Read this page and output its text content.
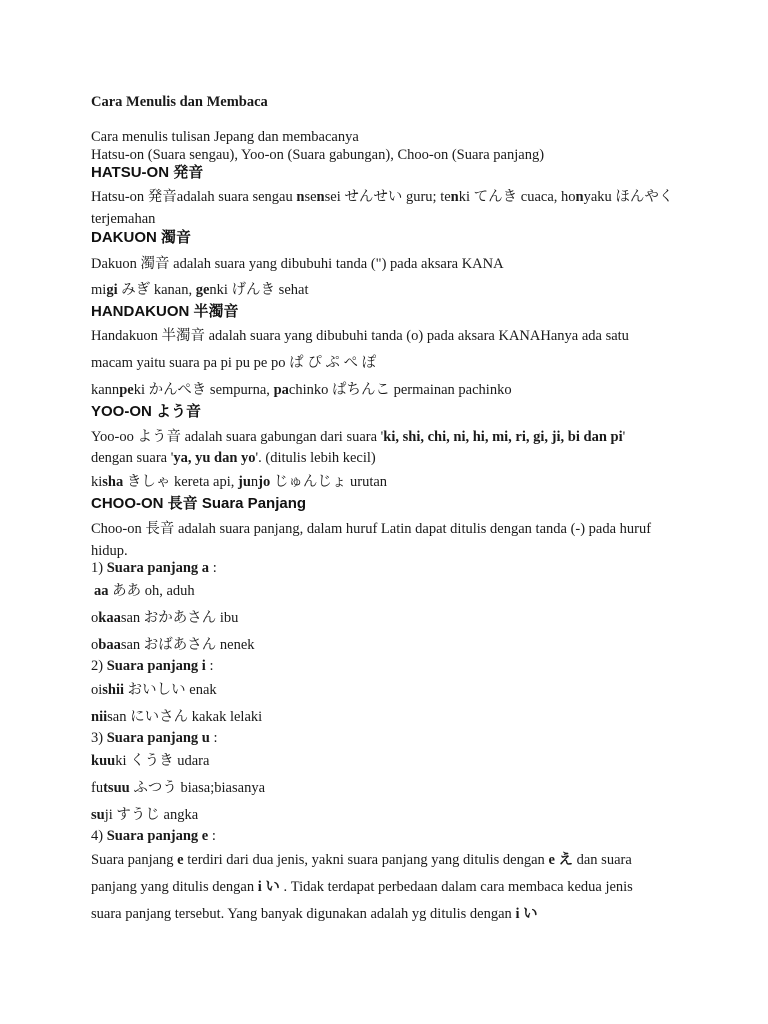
Cara Menulis dan Membaca
Cara menulis tulisan Jepang dan membacanya
Hatsu-on (Suara sengau), Yoo-on (Suara gabungan), Choo-on (Suara panjang)
HATSU-ON 発音
Hatsu-on 発音adalah suara sengau nsensei せんせい guru; tenki てんき cuaca, honyaku ほんやく
terjemahan
DAKUON 濁音
Dakuon 濁音 adalah suara yang dibubuhi tanda (") pada aksara KANA
migi みぎ kanan, genki げんき sehat
HANDAKUON 半濁音
Handakuon 半濁音 adalah suara yang dibubuhi tanda (o) pada aksara KANAHanya ada satu
macam yaitu suara pa pi pu pe po ぱ ぴ ぷ ぺ ぽ
kannpeki かんぺき sempurna, pachinko ぱちんこ permainan pachinko
YOO-ON よう音
Yoo-oo よう音 adalah suara gabungan dari suara 'ki, shi, chi, ni, hi, mi, ri, gi, ji, bi dan pi'
dengan suara 'ya, yu dan yo'. (ditulis lebih kecil)
kisha きしゃ kereta api, junjo じゅんじょ urutan
CHOO-ON 長音 Suara Panjang
Choo-on 長音 adalah suara panjang, dalam huruf Latin dapat ditulis dengan tanda (-) pada huruf
hidup.
1) Suara panjang a :
aa ああ oh, aduh
okaasan おかあさん ibu
obaasan おばあさん nenek
2) Suara panjang i :
oishii おいしい enak
niisan にいさん kakak lelaki
3) Suara panjang u :
kuuki くうき udara
futsuu ふつう biasa;biasanya
suji すうじ angka
4) Suara panjang e :
Suara panjang e terdiri dari dua jenis, yakni suara panjang yang ditulis dengan e え dan suara
panjang yang ditulis dengan i い . Tidak terdapat perbedaan dalam cara membaca kedua jenis
suara panjang tersebut. Yang banyak digunakan adalah yg ditulis dengan i い
